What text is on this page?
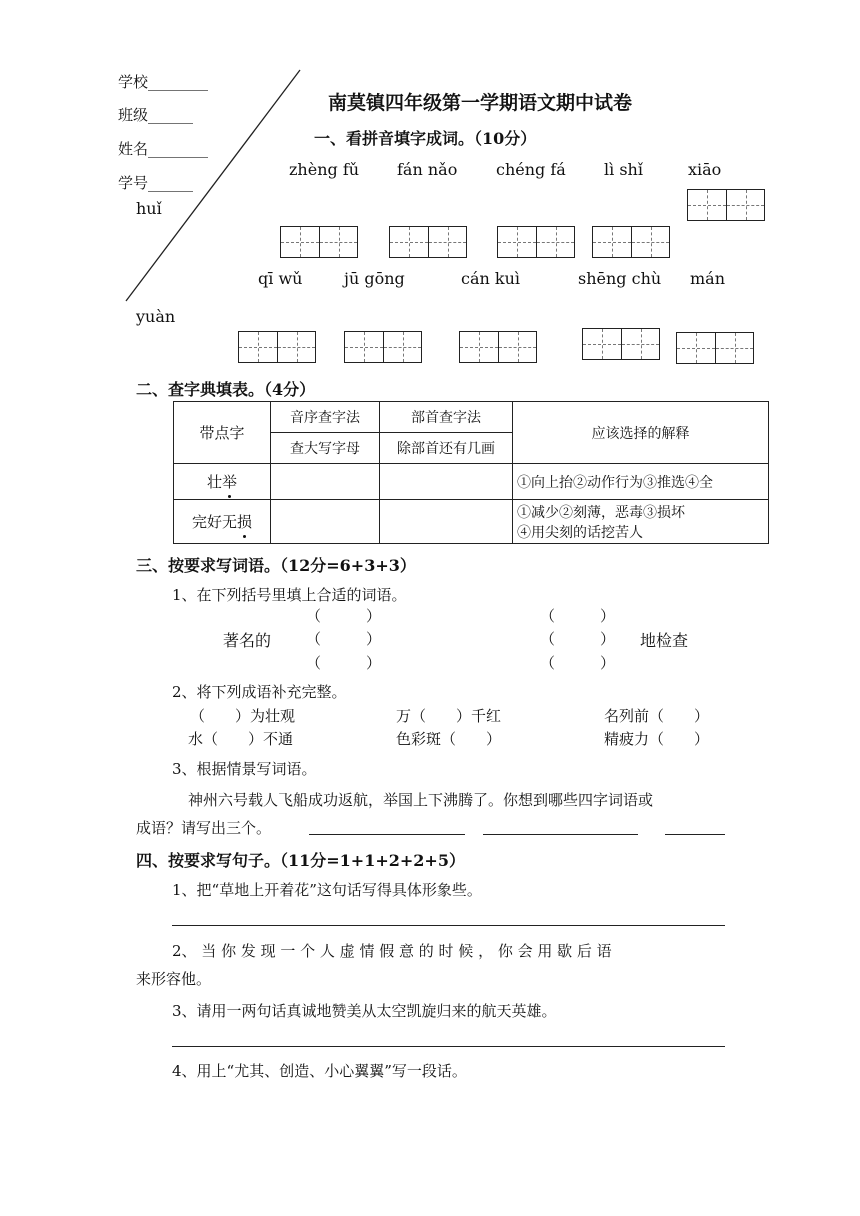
学校________
班级______
姓名________
学号______
南莫镇四年级第一学期语文期中试卷
一、看拼音填字成词。（10分）
zhèng fǔ fán nǎo chéng fá lì shǐ	xiāo
huǐ
qī wǔ	jū gōng	cán kuì	shēng chù mán
yuàn
二、查字典填表。（4分）
带点字	音序查字法	部首查字法	应该选择的解释
	查大写字母	除部首还有几画	
壮举			①向上抬②动作行为③推选④全
完好无损			①减少②刻薄，恶毒③损坏
④用尖刻的话挖苦人
三、按要求写词语。（12分=6+3+3）
1、在下列括号里填上合适的词语。
（　　　）
（　　　）
（　　　）
著名的
（　　　）
（　　　）
（　　　）
地检查
2、将下列成语补充完整。
（　　）为壮观	万（　　）千红	名列前（　　）
水（　　）不通	色彩斑（　　）	精疲力（　　）
3、根据情景写词语。
神州六号载人飞船成功返航，举国上下沸腾了。你想到哪些四字词语或
成语？请写出三个。
四、按要求写句子。（11分=1+1+2+2+5）
1、把“草地上开着花”这句话写得具体形象些。
2、 当 你 发 现 一 个 人 虚 情 假 意 的 时 候 ， 你 会 用 歇 后 语
来形容他。
3、请用一两句话真诚地赞美从太空凯旋归来的航天英雄。
4、用上“尤其、创造、小心翼翼”写一段话。
